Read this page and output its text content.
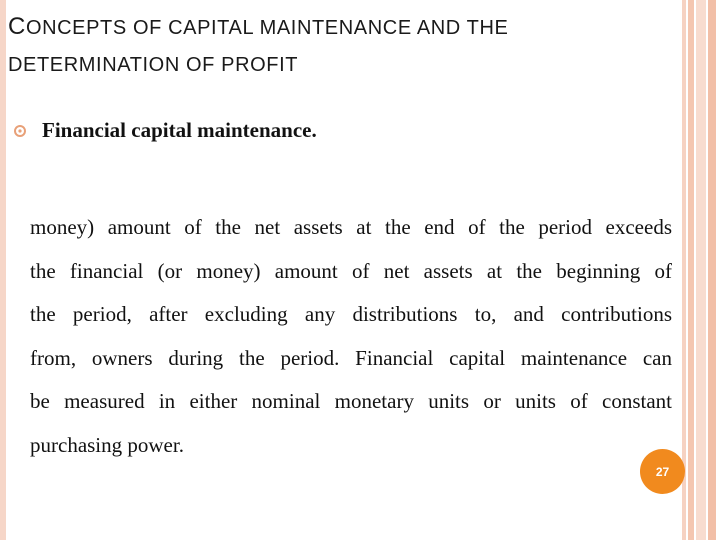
CONCEPTS OF CAPITAL MAINTENANCE AND THE
DETERMINATION OF PROFIT
Financial capital maintenance.
money) amount of the net assets at the end of the period exceeds
the financial (or money) amount of net assets at the beginning of
the period, after excluding any distributions to, and contributions
from, owners during the period. Financial capital maintenance can
be measured in either nominal monetary units or units of constant
purchasing power.
27
